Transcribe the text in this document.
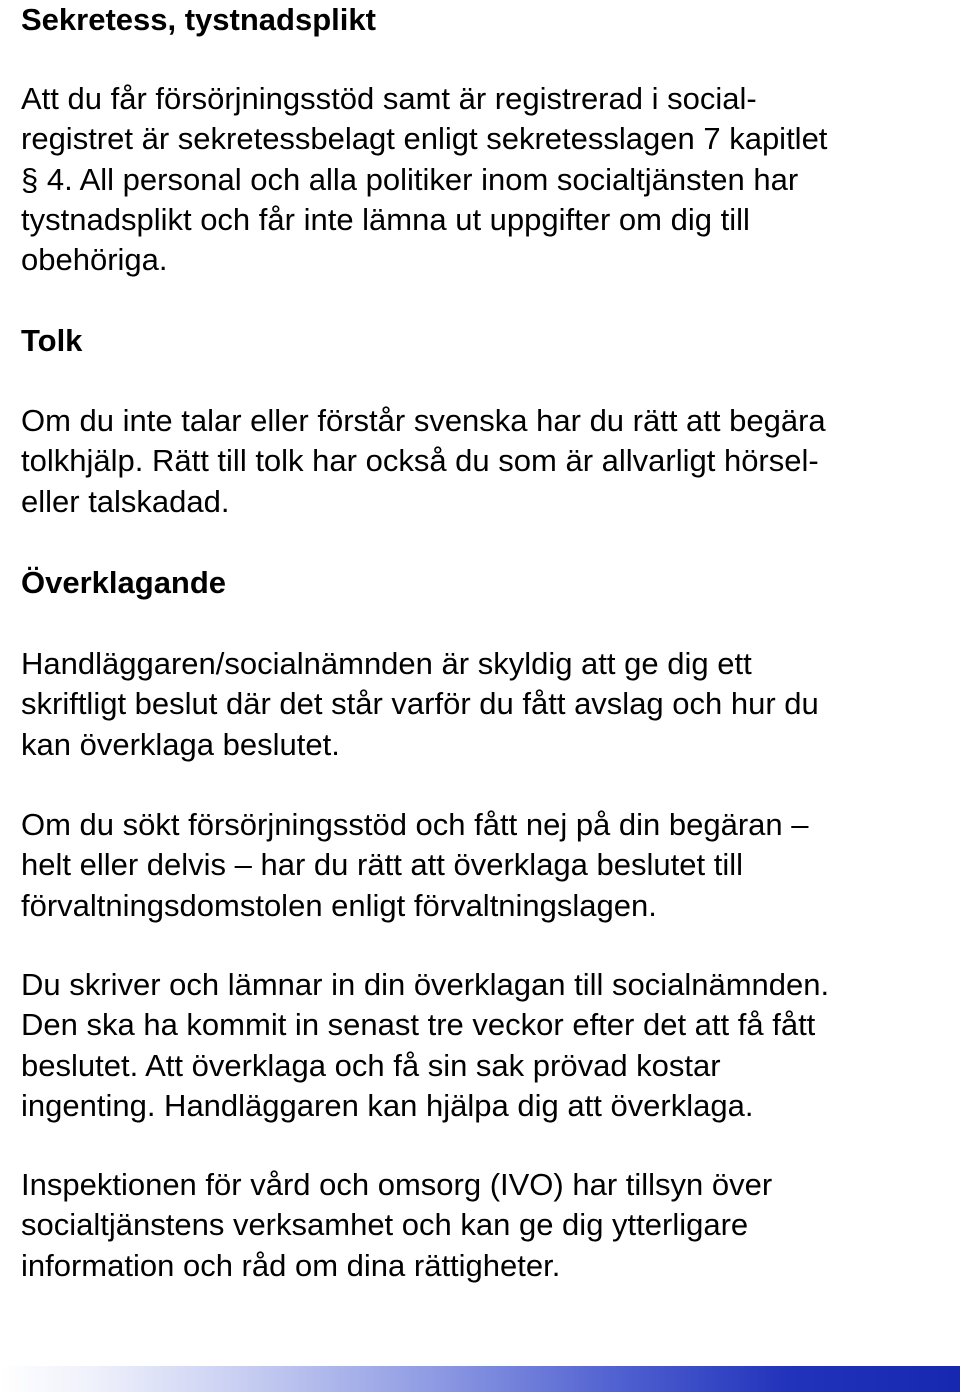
Sekretess, tystnadsplikt

Att du får försörjningsstöd samt är registrerad i social-
registret är sekretessbelagt enligt sekretesslagen 7 kapitlet
§ 4. All personal och alla politiker inom socialtjänsten har
tystnadsplikt och får inte lämna ut uppgifter om dig till
obehöriga.

Tolk

Om du inte talar eller förstår svenska har du rätt att begära
tolkhjälp. Rätt till tolk har också du som är allvarligt hörsel-
eller talskadad.

Överklagande

Handläggaren/socialnämnden är skyldig att ge dig ett
skriftligt beslut där det står varför du fått avslag och hur du
kan överklaga beslutet.

Om du sökt försörjningsstöd och fått nej på din begäran –
helt eller delvis – har du rätt att överklaga beslutet till
förvaltningsdomstolen enligt förvaltningslagen.

Du skriver och lämnar in din överklagan till socialnämnden.
Den ska ha kommit in senast tre veckor efter det att få fått
beslutet. Att överklaga och få sin sak prövad kostar
ingenting. Handläggaren kan hjälpa dig att överklaga.

Inspektionen för vård och omsorg (IVO) har tillsyn över
socialtjänstens verksamhet och kan ge dig ytterligare
information och råd om dina rättigheter.
